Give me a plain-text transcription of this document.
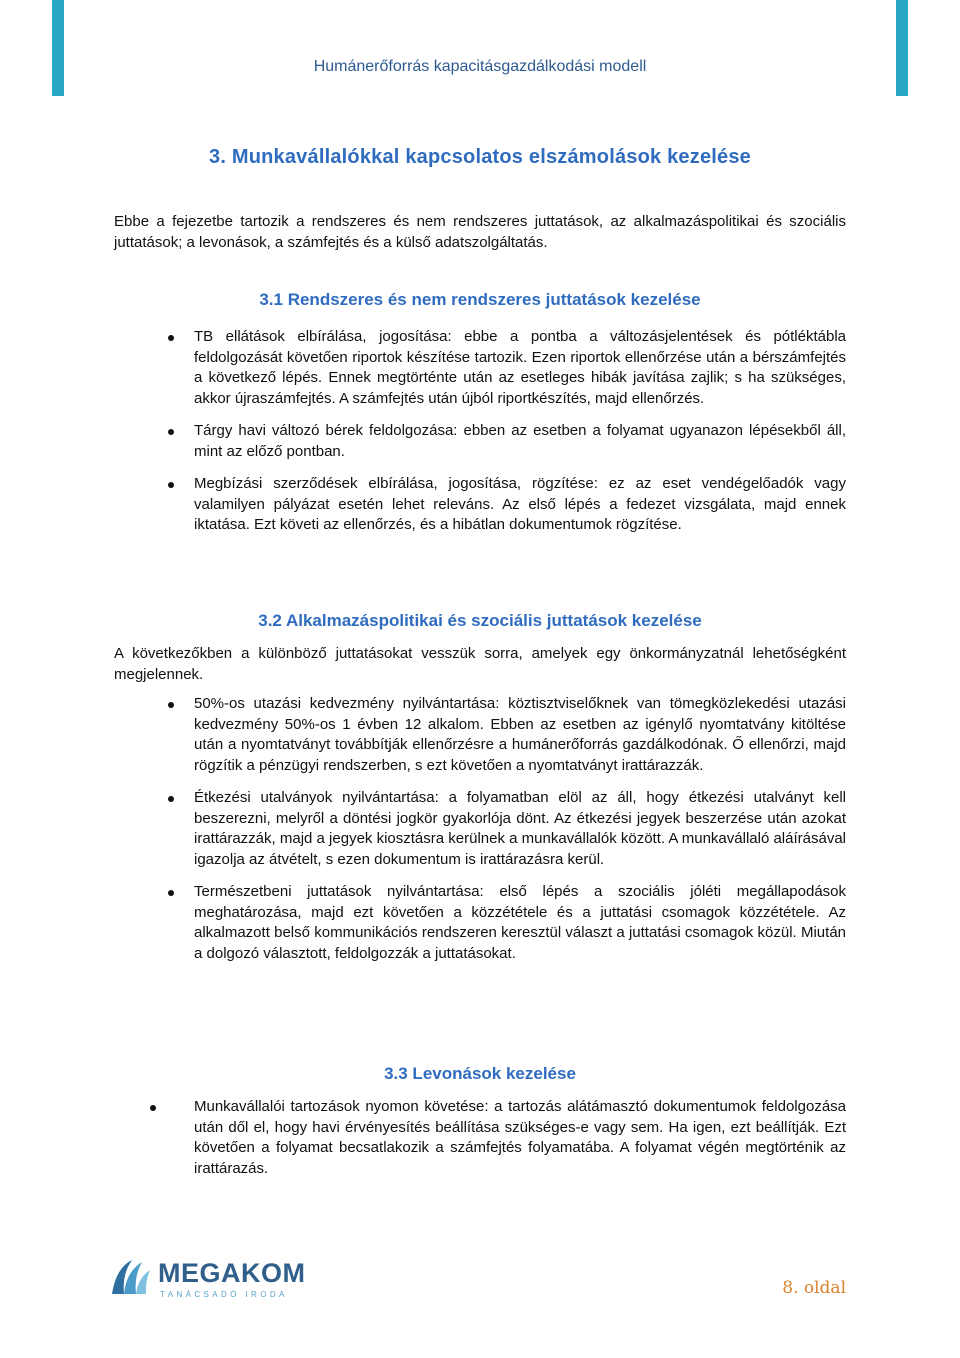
Humánerőforrás kapacitásgazdálkodási modell
3. Munkavállalókkal kapcsolatos elszámolások kezelése
Ebbe a fejezetbe tartozik a rendszeres és nem rendszeres juttatások, az alkalmazáspolitikai és szociális juttatások; a levonások, a számfejtés és a külső adatszolgáltatás.
3.1 Rendszeres és nem rendszeres juttatások kezelése
TB ellátások elbírálása, jogosítása: ebbe a pontba a változásjelentések és pótléktábla feldolgozását követően riportok készítése tartozik. Ezen riportok ellenőrzése után a bérszámfejtés a következő lépés. Ennek megtörténte után az esetleges hibák javítása zajlik; s ha szükséges, akkor újraszámfejtés. A számfejtés után újból riportkészítés, majd ellenőrzés.
Tárgy havi változó bérek feldolgozása: ebben az esetben a folyamat ugyanazon lépésekből áll, mint az előző pontban.
Megbízási szerződések elbírálása, jogosítása, rögzítése: ez az eset vendégelőadók vagy valamilyen pályázat esetén lehet releváns. Az első lépés a fedezet vizsgálata, majd ennek iktatása. Ezt követi az ellenőrzés, és a hibátlan dokumentumok rögzítése.
3.2 Alkalmazáspolitikai és szociális juttatások kezelése
A következőkben a különböző juttatásokat vesszük sorra, amelyek egy önkormányzatnál lehetőségként megjelennek.
50%-os utazási kedvezmény nyilvántartása: köztisztviselőknek van tömegközlekedési utazási kedvezmény 50%-os 1 évben 12 alkalom. Ebben az esetben az igénylő nyomtatvány kitöltése után a nyomtatványt továbbítják ellenőrzésre a humánerőforrás gazdálkodónak. Ő ellenőrzi, majd rögzítik a pénzügyi rendszerben, s ezt követően a nyomtatványt irattárazzák.
Étkezési utalványok nyilvántartása: a folyamatban elöl az áll, hogy étkezési utalványt kell beszerezni, melyről a döntési jogkör gyakorlója dönt. Az étkezési jegyek beszerzése után azokat irattárazzák, majd a jegyek kiosztásra kerülnek a munkavállalók között. A munkavállaló aláírásával igazolja az átvételt, s ezen dokumentum is irattárazásra kerül.
Természetbeni juttatások nyilvántartása: első lépés a szociális jóléti megállapodások meghatározása, majd ezt követően a közzététele és a juttatási csomagok közzététele. Az alkalmazott belső kommunikációs rendszeren keresztül választ a juttatási csomagok közül. Miután a dolgozó választott, feldolgozzák a juttatásokat.
3.3 Levonások kezelése
Munkavállalói tartozások nyomon követése: a tartozás alátámasztó dokumentumok feldolgozása után dől el, hogy havi érvényesítés beállítása szükséges-e vagy sem. Ha igen, ezt beállítják. Ezt követően a folyamat becsatlakozik a számfejtés folyamatába. A folyamat végén megtörténik az irattárazás.
MEGAKOM
TANÁCSADÓ IRODA	8. oldal
